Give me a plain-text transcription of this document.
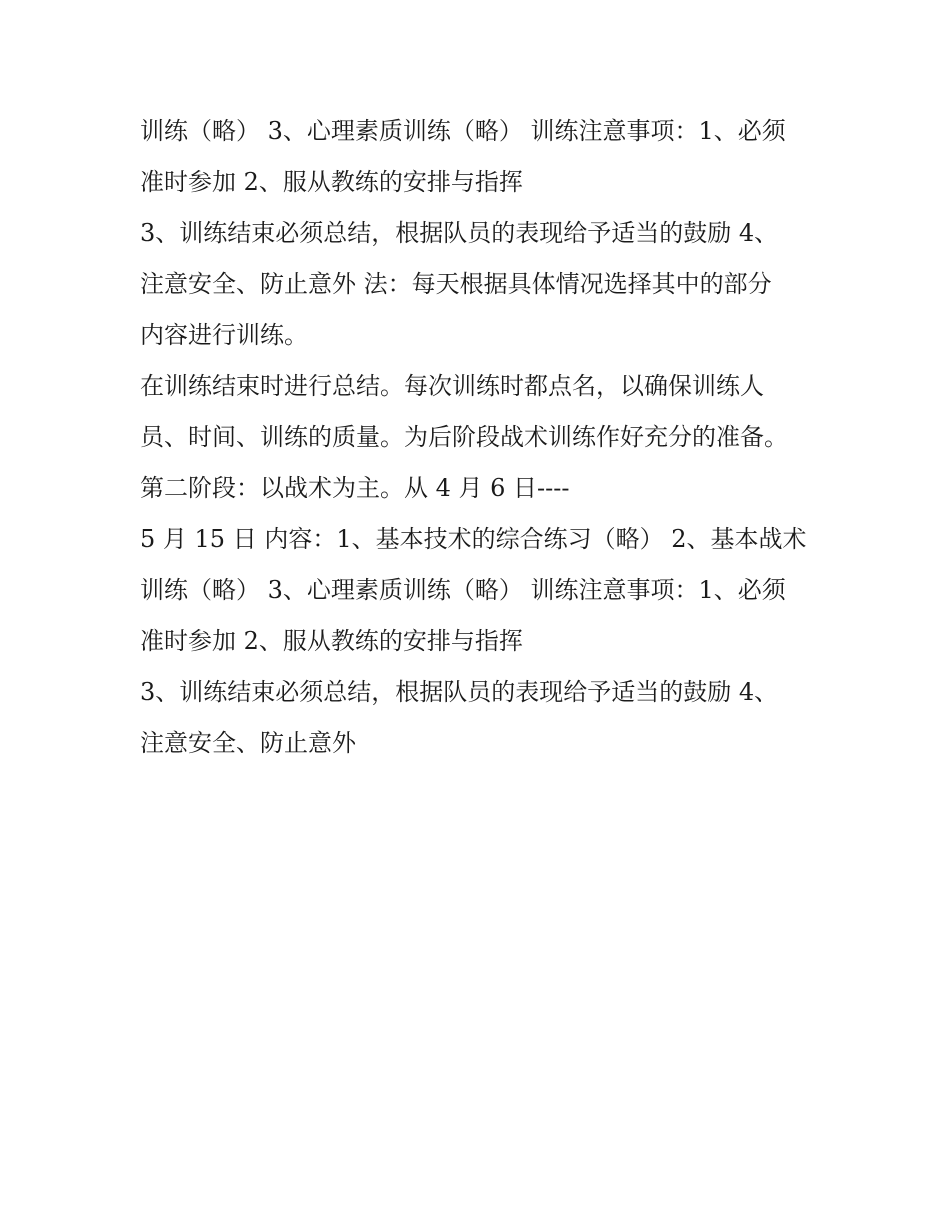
训练（略） 3、心理素质训练（略） 训练注意事项：1、必须

准时参加 2、服从教练的安排与指挥

3、训练结束必须总结，根据队员的表现给予适当的鼓励 4、

注意安全、防止意外 法：每天根据具体情况选择其中的部分

内容进行训练。

在训练结束时进行总结。每次训练时都点名，以确保训练人

员、时间、训练的质量。为后阶段战术训练作好充分的准备。

第二阶段：以战术为主。从 4 月 6 日----

5 月 15 日 内容：1、基本技术的综合练习（略） 2、基本战术

训练（略） 3、心理素质训练（略） 训练注意事项：1、必须

准时参加 2、服从教练的安排与指挥

3、训练结束必须总结，根据队员的表现给予适当的鼓励 4、

注意安全、防止意外
